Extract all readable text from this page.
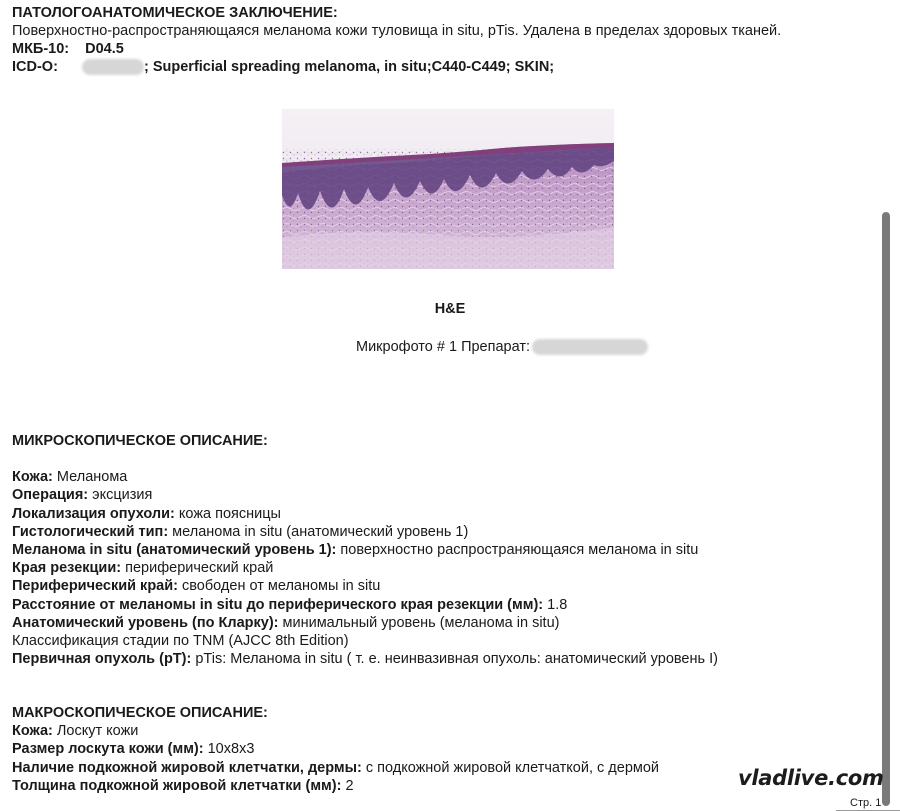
ПАТОЛОГОАНАТОМИЧЕСКОЕ ЗАКЛЮЧЕНИЕ:
Поверхностно-распространяющаяся меланома кожи туловища in situ, pTis. Удалена в пределах здоровых тканей.
МКБ-10: D04.5
ICD-O:	; Superficial spreading melanoma, in situ;C440-C449; SKIN;
H&E
Микрофото # 1 Препарат:
МИКРОСКОПИЧЕСКОЕ ОПИСАНИЕ:
Кожа: Меланома
Операция: эксцизия
Локализация опухоли: кожа поясницы
Гистологический тип: меланома in situ (анатомический уровень 1)
Меланома in situ (анатомический уровень 1): поверхностно распространяющаяся меланома in situ
Края резекции: периферический край
Периферический край: свободен от меланомы in situ
Расстояние от меланомы in situ до периферического края резекции (мм): 1.8
Анатомический уровень (по Кларку): минимальный уровень (меланома in situ)
Классификация стадии по TNM (AJCC 8th Edition)
Первичная опухоль (pT): pTis: Меланома in situ ( т. е. неинвазивная опухоль: анатомический уровень I)
МАКРОСКОПИЧЕСКОЕ ОПИСАНИЕ:
Кожа: Лоскут кожи
Размер лоскута кожи (мм): 10х8х3
Наличие подкожной жировой клетчатки, дермы: с подкожной жировой клетчаткой, с дермой
Толщина подкожной жировой клетчатки (мм): 2	vladlive.com
Стр. 1
